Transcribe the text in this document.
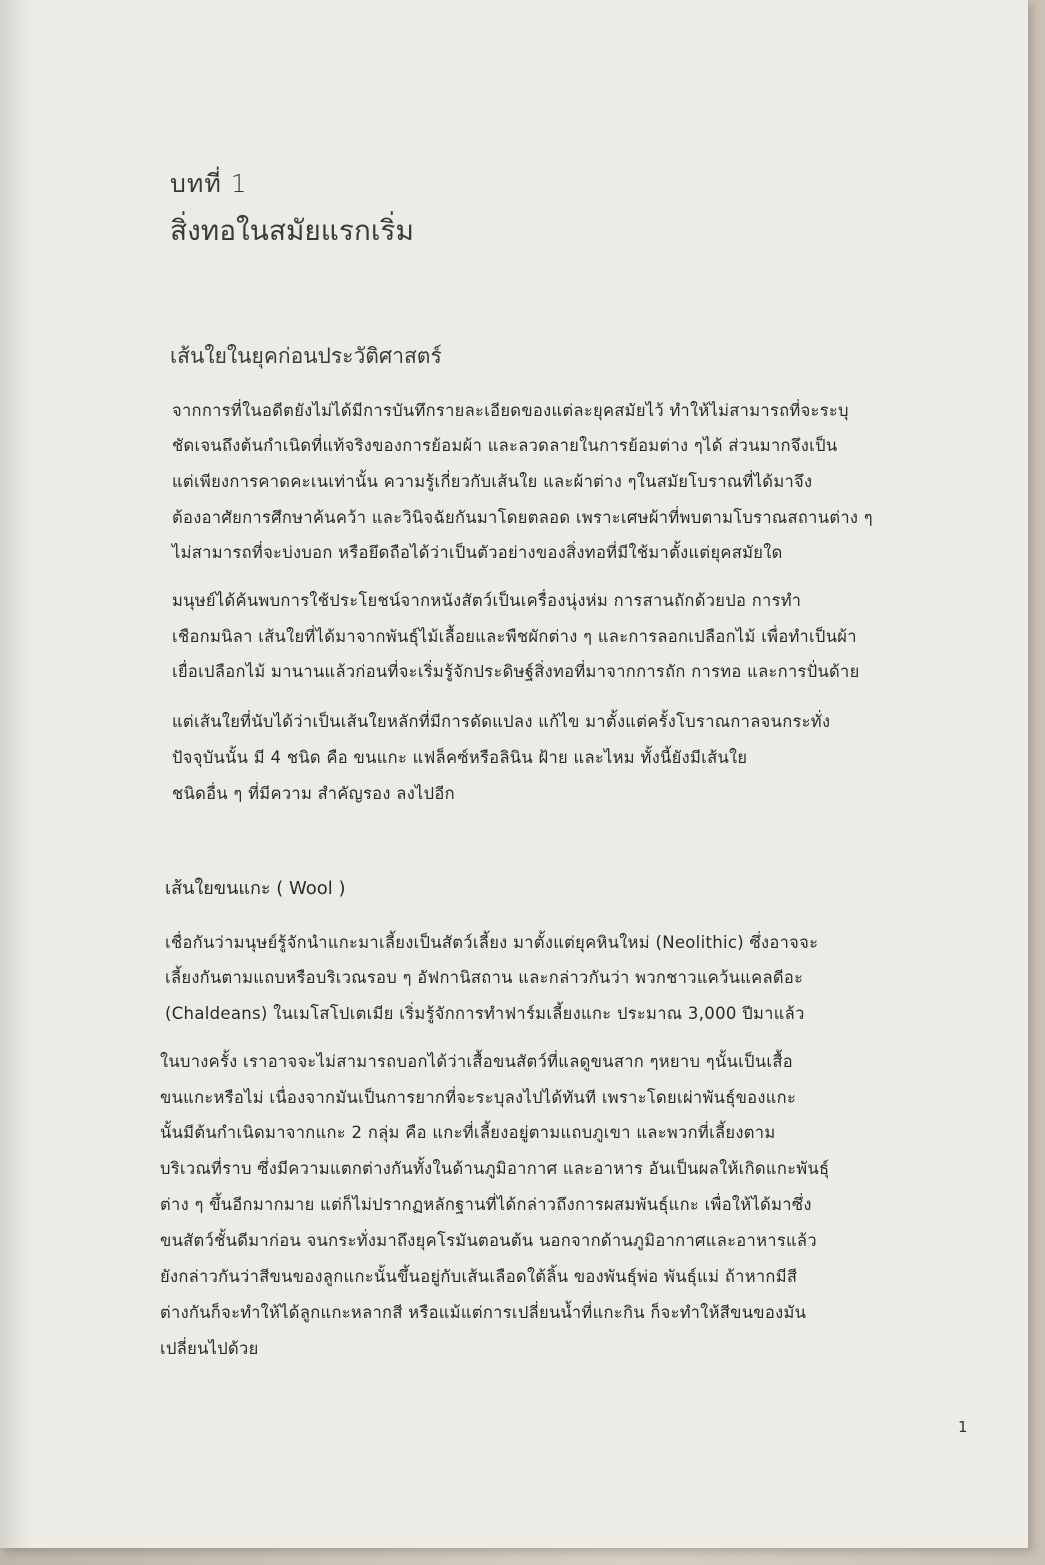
บทที่ 1
สิ่งทอในสมัยแรกเริ่ม
เส้นใยในยุคก่อนประวัติศาสตร์
จากการที่ในอดีตยังไม่ได้มีการบันทึกรายละเอียดของแต่ละยุคสมัยไว้ ทำให้ไม่สามารถที่จะระบุ
ชัดเจนถึงต้นกำเนิดที่แท้จริงของการย้อมผ้า และลวดลายในการย้อมต่าง ๆได้ ส่วนมากจึงเป็น
แต่เพียงการคาดคะเนเท่านั้น ความรู้เกี่ยวกับเส้นใย และผ้าต่าง ๆในสมัยโบราณที่ได้มาจึง
ต้องอาศัยการศึกษาค้นคว้า และวินิจฉัยกันมาโดยตลอด เพราะเศษผ้าที่พบตามโบราณสถานต่าง ๆ
ไม่สามารถที่จะบ่งบอก หรือยึดถือได้ว่าเป็นตัวอย่างของสิ่งทอที่มีใช้มาตั้งแต่ยุคสมัยใด
มนุษย์ได้ค้นพบการใช้ประโยชน์จากหนังสัตว์เป็นเครื่องนุ่งห่ม การสานถักด้วยปอ การทำ
เชือกมนิลา เส้นใยที่ได้มาจากพันธุ์ไม้เลื้อยและพืชผักต่าง ๆ และการลอกเปลือกไม้ เพื่อทำเป็นผ้า
เยื่อเปลือกไม้ มานานแล้วก่อนที่จะเริ่มรู้จักประดิษฐ์สิ่งทอที่มาจากการถัก การทอ และการปั่นด้าย
แต่เส้นใยที่นับได้ว่าเป็นเส้นใยหลักที่มีการดัดแปลง แก้ไข มาตั้งแต่ครั้งโบราณกาลจนกระทั่ง
ปัจจุบันนั้น มี 4 ชนิด คือ ขนแกะ แฟล็คซ์หรือลินิน ฝ้าย และไหม ทั้งนี้ยังมีเส้นใย
ชนิดอื่น ๆ ที่มีความ สำคัญรอง ลงไปอีก
เส้นใยขนแกะ ( Wool )
เชื่อกันว่ามนุษย์รู้จักนำแกะมาเลี้ยงเป็นสัตว์เลี้ยง มาตั้งแต่ยุคหินใหม่ (Neolithic) ซึ่งอาจจะ
เลี้ยงกันตามแถบหรือบริเวณรอบ ๆ อัฟกานิสถาน และกล่าวกันว่า พวกชาวแคว้นแคลดีอะ
(Chaldeans) ในเมโสโปเตเมีย เริ่มรู้จักการทำฟาร์มเลี้ยงแกะ ประมาณ 3,000 ปีมาแล้ว
ในบางครั้ง เราอาจจะไม่สามารถบอกได้ว่าเสื้อขนสัตว์ที่แลดูขนสาก ๆหยาบ ๆนั้นเป็นเสื้อ
ขนแกะหรือไม่ เนื่องจากมันเป็นการยากที่จะระบุลงไปได้ทันที เพราะโดยเผ่าพันธุ์ของแกะ
นั้นมีต้นกำเนิดมาจากแกะ 2 กลุ่ม คือ แกะที่เลี้ยงอยู่ตามแถบภูเขา และพวกที่เลี้ยงตาม
บริเวณที่ราบ ซึ่งมีความแตกต่างกันทั้งในด้านภูมิอากาศ และอาหาร อันเป็นผลให้เกิดแกะพันธุ์
ต่าง ๆ ขึ้นอีกมากมาย แต่ก็ไม่ปรากฏหลักฐานที่ได้กล่าวถึงการผสมพันธุ์แกะ เพื่อให้ได้มาซึ่ง
ขนสัตว์ชั้นดีมาก่อน จนกระทั่งมาถึงยุคโรมันตอนต้น นอกจากด้านภูมิอากาศและอาหารแล้ว
ยังกล่าวกันว่าสีขนของลูกแกะนั้นขึ้นอยู่กับเส้นเลือดใต้ลิ้น ของพันธุ์พ่อ พันธุ์แม่ ถ้าหากมีสี
ต่างกันก็จะทำให้ได้ลูกแกะหลากสี หรือแม้แต่การเปลี่ยนน้ำที่แกะกิน ก็จะทำให้สีขนของมัน
เปลี่ยนไปด้วย
1
